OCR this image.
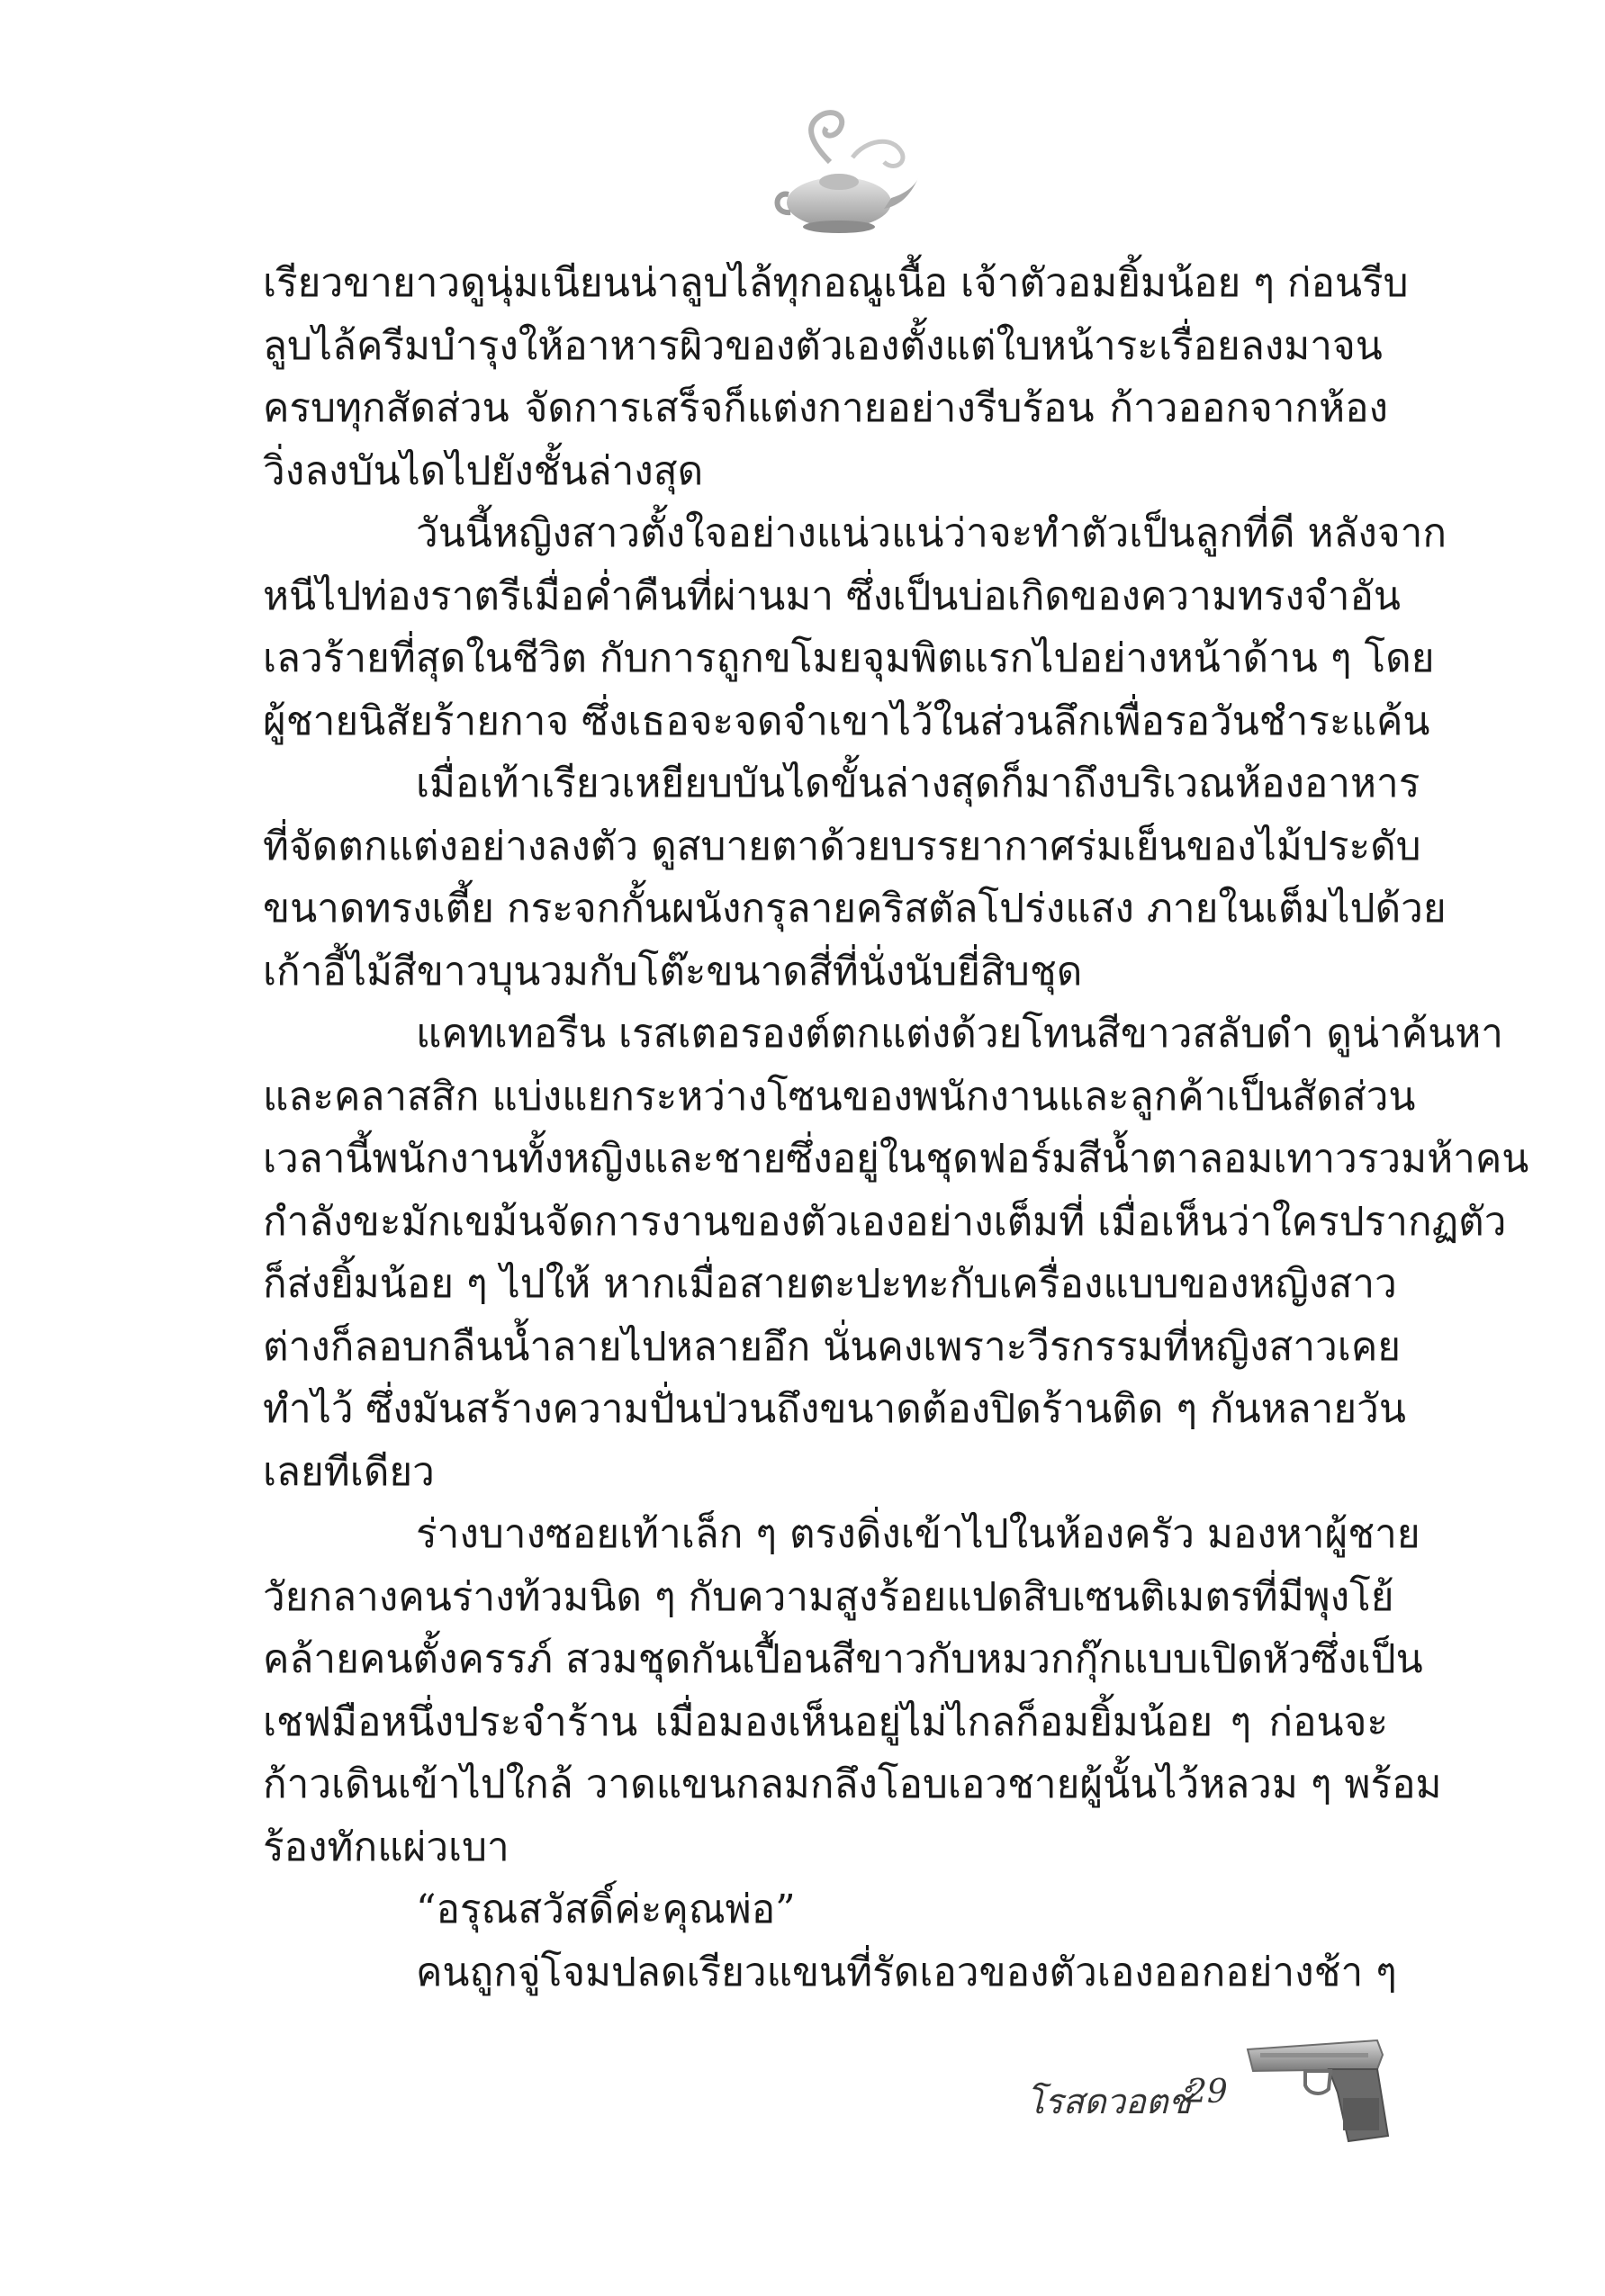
เรียวขายาวดูนุ่มเนียนน่าลูบไล้ทุกอณูเนื้อ เจ้าตัวอมยิ้มน้อย ๆ ก่อนรีบ
ลูบไล้ครีมบำรุงให้อาหารผิวของตัวเองตั้งแต่ใบหน้าระเรื่อยลงมาจน
ครบทุกสัดส่วน จัดการเสร็จก็แต่งกายอย่างรีบร้อน ก้าวออกจากห้อง
วิ่งลงบันไดไปยังชั้นล่างสุด
วันนี้หญิงสาวตั้งใจอย่างแน่วแน่ว่าจะทำตัวเป็นลูกที่ดี หลังจาก
หนีไปท่องราตรีเมื่อค่ำคืนที่ผ่านมา ซึ่งเป็นบ่อเกิดของความทรงจำอัน
เลวร้ายที่สุดในชีวิต กับการถูกขโมยจุมพิตแรกไปอย่างหน้าด้าน ๆ โดย
ผู้ชายนิสัยร้ายกาจ ซึ่งเธอจะจดจำเขาไว้ในส่วนลึกเพื่อรอวันชำระแค้น
เมื่อเท้าเรียวเหยียบบันไดขั้นล่างสุดก็มาถึงบริเวณห้องอาหาร
ที่จัดตกแต่งอย่างลงตัว ดูสบายตาด้วยบรรยากาศร่มเย็นของไม้ประดับ
ขนาดทรงเตี้ย กระจกกั้นผนังกรุลายคริสตัลโปร่งแสง ภายในเต็มไปด้วย
เก้าอี้ไม้สีขาวบุนวมกับโต๊ะขนาดสี่ที่นั่งนับยี่สิบชุด
แคทเทอรีน เรสเตอรองต์ตกแต่งด้วยโทนสีขาวสลับดำ ดูน่าค้นหา
และคลาสสิก แบ่งแยกระหว่างโซนของพนักงานและลูกค้าเป็นสัดส่วน
เวลานี้พนักงานทั้งหญิงและชายซึ่งอยู่ในชุดฟอร์มสีน้ำตาลอมเทาวรวมห้าคน
กำลังขะมักเขม้นจัดการงานของตัวเองอย่างเต็มที่ เมื่อเห็นว่าใครปรากฏตัว
ก็ส่งยิ้มน้อย ๆ ไปให้ หากเมื่อสายตะปะทะกับเครื่องแบบของหญิงสาว
ต่างก็ลอบกลืนน้ำลายไปหลายอึก นั่นคงเพราะวีรกรรมที่หญิงสาวเคย
ทำไว้ ซึ่งมันสร้างความปั่นป่วนถึงขนาดต้องปิดร้านติด ๆ กันหลายวัน
เลยทีเดียว
ร่างบางซอยเท้าเล็ก ๆ ตรงดิ่งเข้าไปในห้องครัว มองหาผู้ชาย
วัยกลางคนร่างท้วมนิด ๆ กับความสูงร้อยแปดสิบเซนติเมตรที่มีพุงโย้
คล้ายคนตั้งครรภ์ สวมชุดกันเปื้อนสีขาวกับหมวกกุ๊กแบบเปิดหัวซึ่งเป็น
เชฟมือหนึ่งประจำร้าน เมื่อมองเห็นอยู่ไม่ไกลก็อมยิ้มน้อย ๆ ก่อนจะ
ก้าวเดินเข้าไปใกล้ วาดแขนกลมกลึงโอบเอวชายผู้นั้นไว้หลวม ๆ พร้อม
ร้องทักแผ่วเบา
“อรุณสวัสดิ์ค่ะคุณพ่อ”
คนถูกจู่โจมปลดเรียวแขนที่รัดเอวของตัวเองออกอย่างช้า ๆ
โรสดวอตช์
29
